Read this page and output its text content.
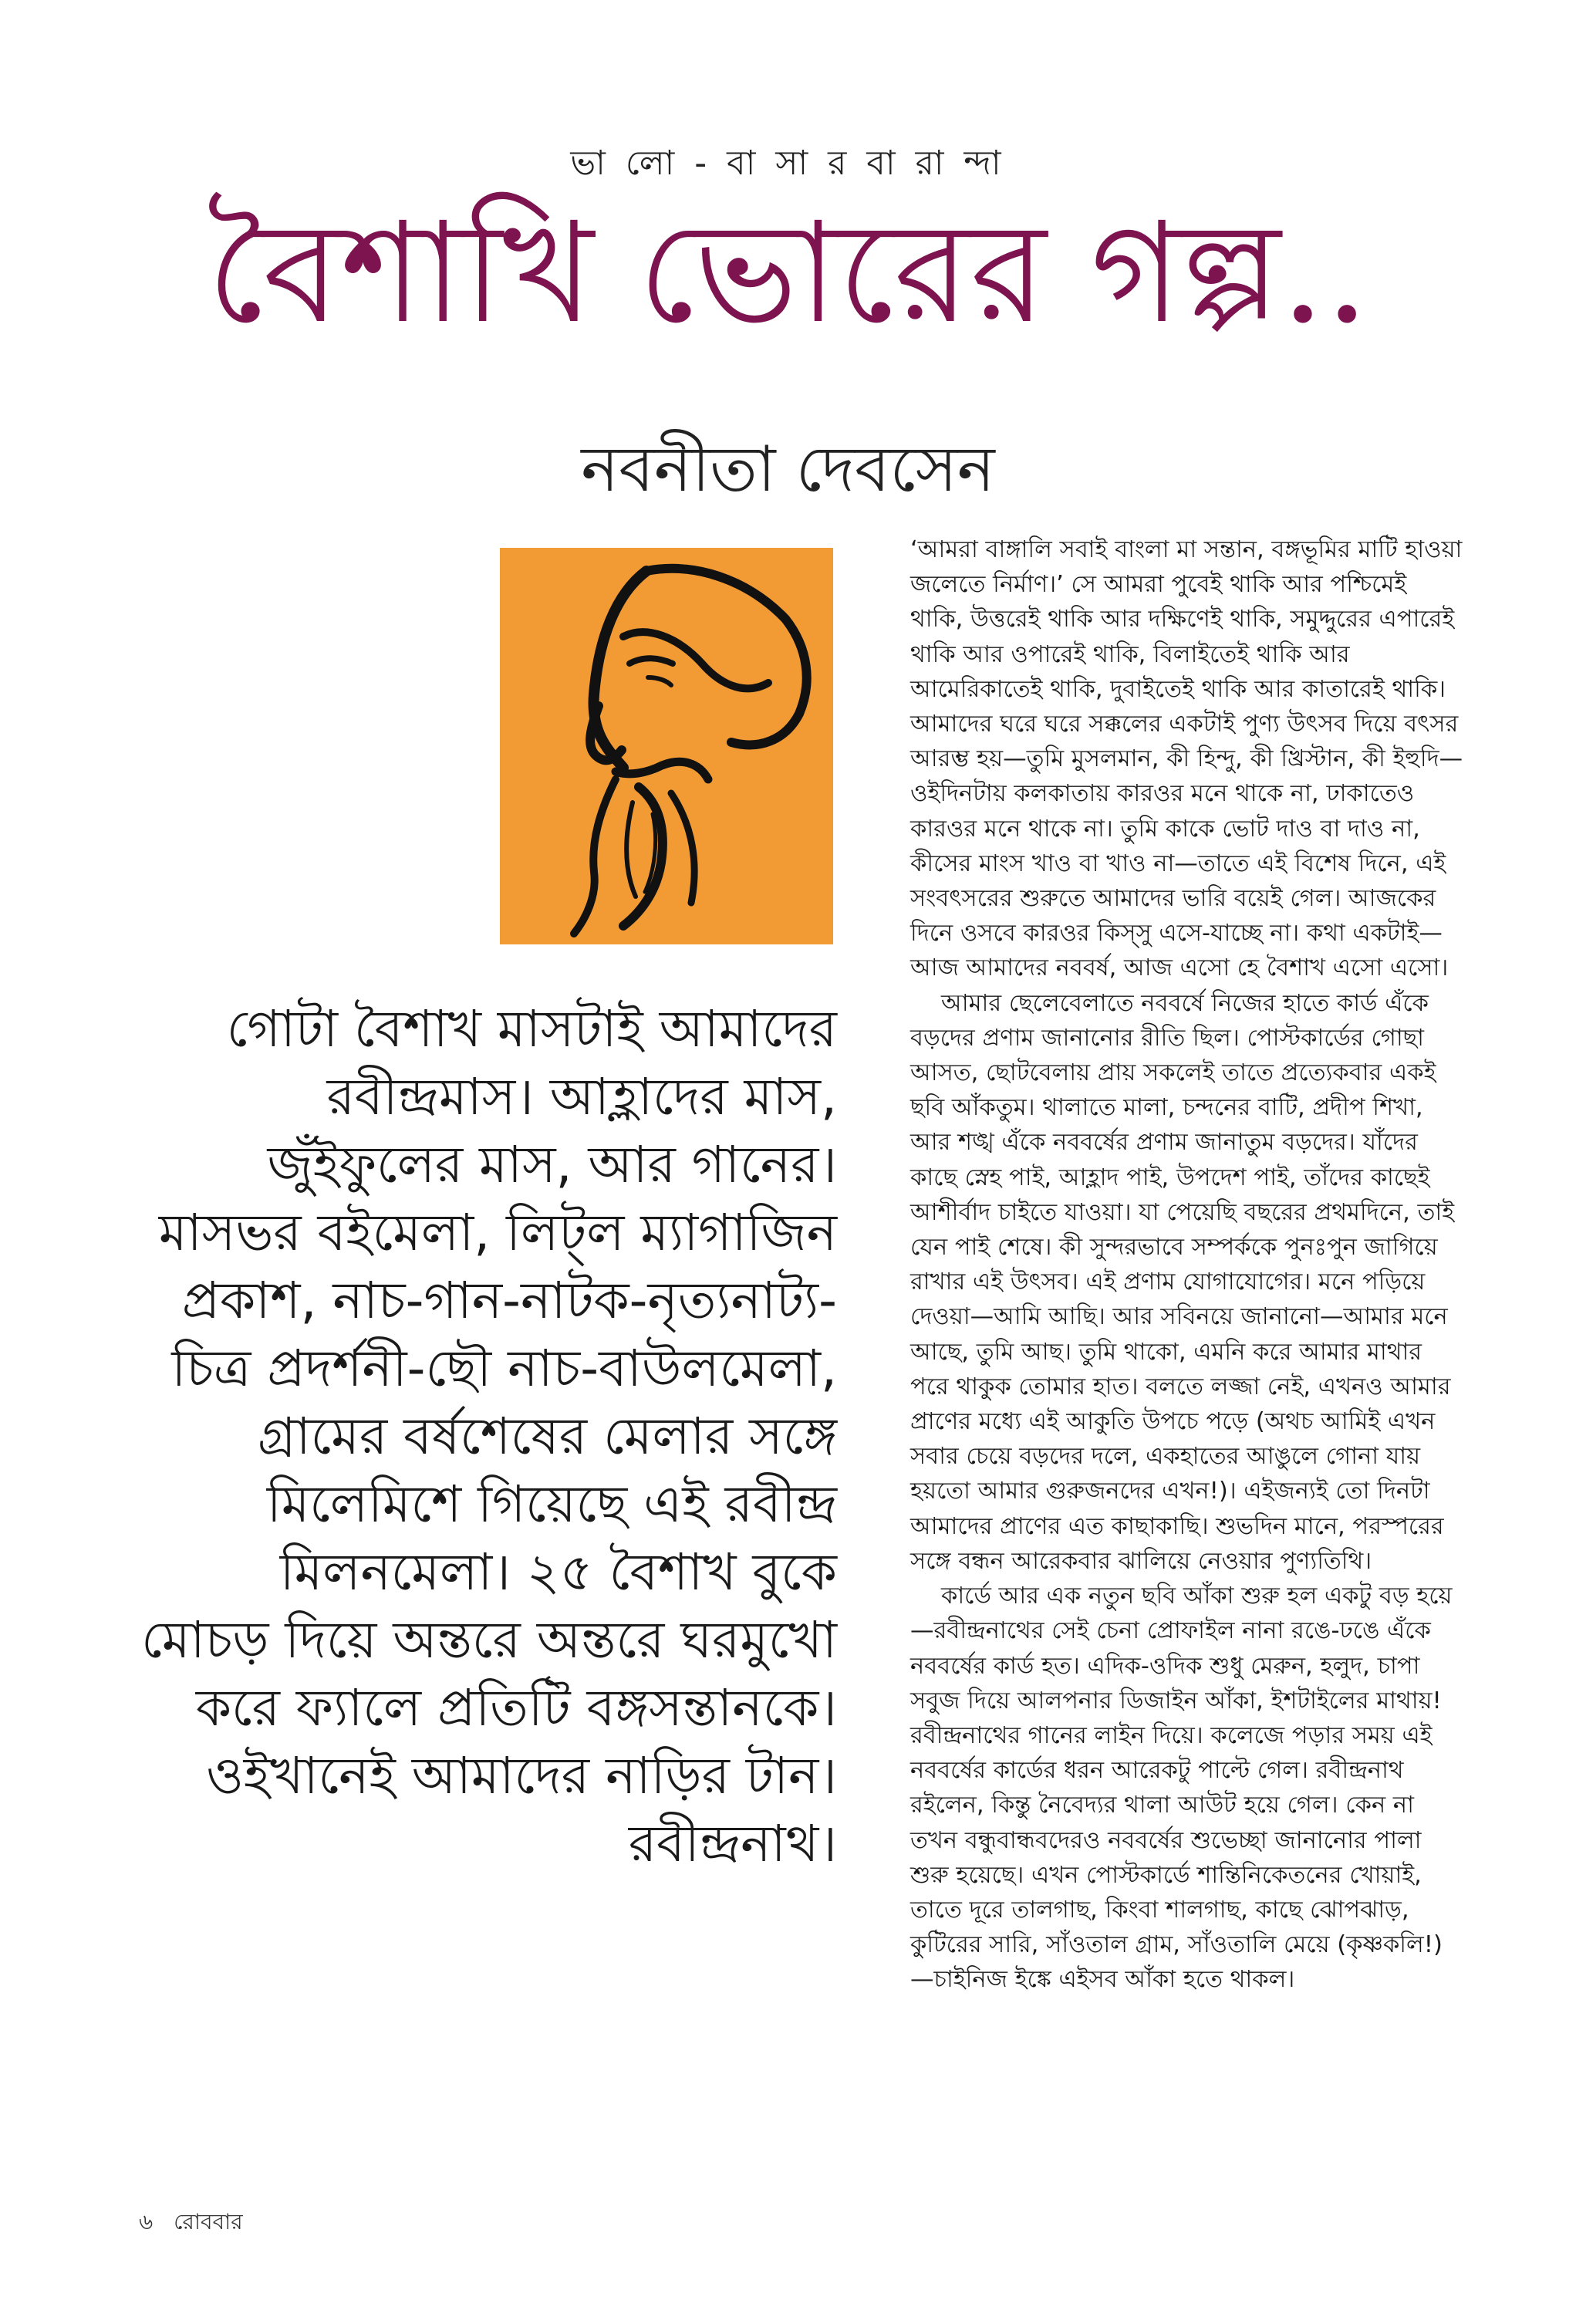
ভা লো - বা সা র বা রা ন্দা
বৈশাখি ভোরের গল্প..
নবনীতা দেবসেন

গোটা বৈশাখ মাসটাই আমাদের রবীন্দ্রমাস। আহ্লাদের মাস, জুঁইফুলের মাস, আর গানের। মাসভর বইমেলা, লিট্‌ল ম্যাগাজিন প্রকাশ, নাচ-গান-নাটক-নৃত্যনাট্য-চিত্র প্রদর্শনী-ছৌ নাচ-বাউলমেলা, গ্রামের বর্ষশেষের মেলার সঙ্গে মিলেমিশে গিয়েছে এই রবীন্দ্র মিলনমেলা। ২৫ বৈশাখ বুকে মোচড় দিয়ে অন্তরে অন্তরে ঘরমুখো করে ফ্যালে প্রতিটি বঙ্গসন্তানকে। ওইখানেই আমাদের নাড়ির টান। রবীন্দ্রনাথ।

‘আমরা বাঙ্গালি সবাই বাংলা মা সন্তান, বঙ্গভূমির মাটি হাওয়া জলেতে নির্মাণ।’ সে আমরা পুবেই থাকি আর পশ্চিমেই থাকি, উত্তরেই থাকি আর দক্ষিণেই থাকি, সমুদ্দুরের এপারেই থাকি আর ওপারেই থাকি, বিলাইতেই থাকি আর আমেরিকাতেই থাকি, দুবাইতেই থাকি আর কাতারেই থাকি। আমাদের ঘরে ঘরে সক্কলের একটাই পুণ্য উৎসব দিয়ে বৎসর আরম্ভ হয়—তুমি মুসলমান, কী হিন্দু, কী খ্রিস্টান, কী ইহুদি—ওইদিনটায় কলকাতায় কারওর মনে থাকে না, ঢাকাতেও কারওর মনে থাকে না। তুমি কাকে ভোট দাও বা দাও না, কীসের মাংস খাও বা খাও না—তাতে এই বিশেষ দিনে, এই সংবৎসরের শুরুতে আমাদের ভারি বয়েই গেল। আজকের দিনে ওসবে কারওর কিস্‌সু এসে-যাচ্ছে না। কথা একটাই—আজ আমাদের নববর্ষ, আজ এসো হে বৈশাখ এসো এসো।

আমার ছেলেবেলাতে নববর্ষে নিজের হাতে কার্ড এঁকে বড়দের প্রণাম জানানোর রীতি ছিল। পোস্টকার্ডের গোছা আসত, ছোটবেলায় প্রায় সকলেই তাতে প্রত্যেকবার একই ছবি আঁকতুম। থালাতে মালা, চন্দনের বাটি, প্রদীপ শিখা, আর শঙ্খ এঁকে নববর্ষের প্রণাম জানাতুম বড়দের। যাঁদের কাছে স্নেহ পাই, আহ্লাদ পাই, উপদেশ পাই, তাঁদের কাছেই আশীর্বাদ চাইতে যাওয়া। যা পেয়েছি বছরের প্রথমদিনে, তাই যেন পাই শেষে। কী সুন্দরভাবে সম্পর্ককে পুনঃপুন জাগিয়ে রাখার এই উৎসব। এই প্রণাম যোগাযোগের। মনে পড়িয়ে দেওয়া—আমি আছি। আর সবিনয়ে জানানো—আমার মনে আছে, তুমি আছ। তুমি থাকো, এমনি করে আমার মাথার পরে থাকুক তোমার হাত। বলতে লজ্জা নেই, এখনও আমার প্রাণের মধ্যে এই আকুতি উপচে পড়ে (অথচ আমিই এখন সবার চেয়ে বড়দের দলে, একহাতের আঙুলে গোনা যায় হয়তো আমার গুরুজনদের এখন!)। এইজন্যই তো দিনটা আমাদের প্রাণের এত কাছাকাছি। শুভদিন মানে, পরস্পরের সঙ্গে বন্ধন আরেকবার ঝালিয়ে নেওয়ার পুণ্যতিথি।

কার্ডে আর এক নতুন ছবি আঁকা শুরু হল একটু বড় হয়ে—রবীন্দ্রনাথের সেই চেনা প্রোফাইল নানা রঙে-ঢঙে এঁকে নববর্ষের কার্ড হত। এদিক-ওদিক শুধু মেরুন, হলুদ, চাপা সবুজ দিয়ে আলপনার ডিজাইন আঁকা, ইশটাইলের মাথায়! রবীন্দ্রনাথের গানের লাইন দিয়ে। কলেজে পড়ার সময় এই নববর্ষের কার্ডের ধরন আরেকটু পাল্টে গেল। রবীন্দ্রনাথ রইলেন, কিন্তু নৈবেদ্যর থালা আউট হয়ে গেল। কেন না তখন বন্ধুবান্ধবদেরও নববর্ষের শুভেচ্ছা জানানোর পালা শুরু হয়েছে। এখন পোস্টকার্ডে শান্তিনিকেতনের খোয়াই, তাতে দূরে তালগাছ, কিংবা শালগাছ, কাছে ঝোপঝাড়, কুটিরের সারি, সাঁওতাল গ্রাম, সাঁওতালি মেয়ে (কৃষ্ণকলি!)—চাইনিজ ইঙ্কে এইসব আঁকা হতে থাকল।

৬ রোববার
